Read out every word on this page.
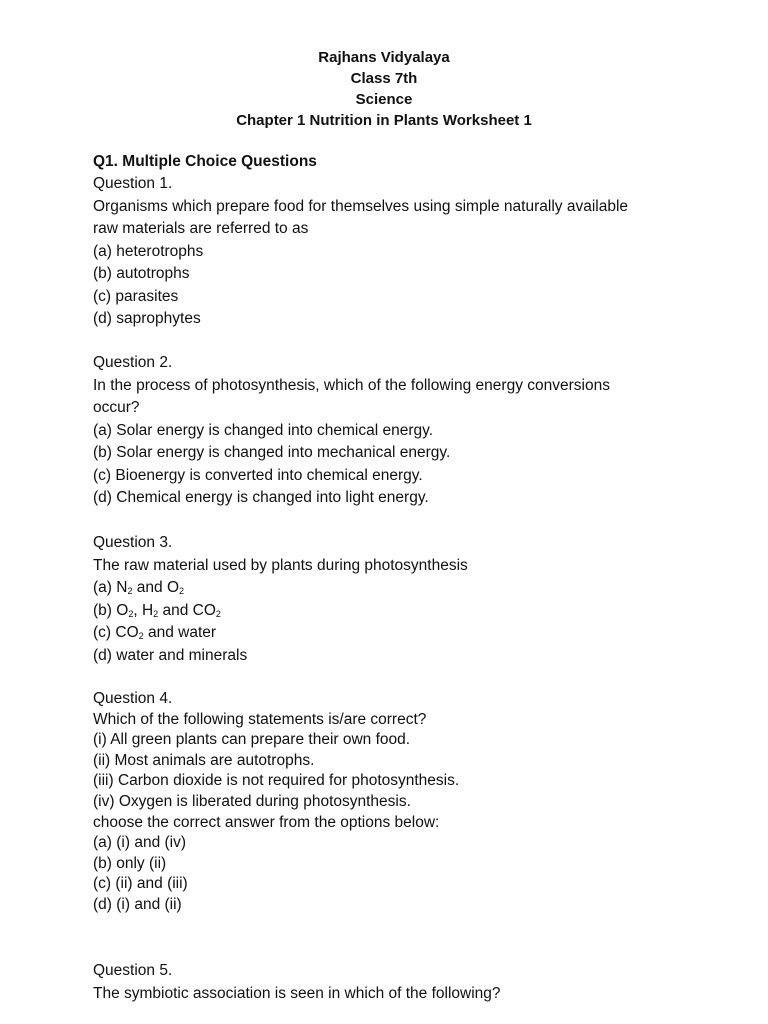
Rajhans Vidyalaya
Class 7th
Science
Chapter 1 Nutrition in Plants Worksheet 1
Q1. Multiple Choice Questions
Question 1.
Organisms which prepare food for themselves using simple naturally available
raw materials are referred to as
(a) heterotrophs
(b) autotrophs
(c) parasites
(d) saprophytes
Question 2.
In the process of photosynthesis, which of the following energy conversions
occur?
(a) Solar energy is changed into chemical energy.
(b) Solar energy is changed into mechanical energy.
(c) Bioenergy is converted into chemical energy.
(d) Chemical energy is changed into light energy.
Question 3.
The raw material used by plants during photosynthesis
(a) $N_2$ and $O_2$
(b) $O_2$, $H_2$ and $CO_2$
(c) $CO_2$ and water
(d) water and minerals
Question 4.
Which of the following statements is/are correct?
(i) All green plants can prepare their own food.
(ii) Most animals are autotrophs.
(iii) Carbon dioxide is not required for photosynthesis.
(iv) Oxygen is liberated during photosynthesis.
choose the correct answer from the options below:
(a) (i) and (iv)
(b) only (ii)
(c) (ii) and (iii)
(d) (i) and (ii)
Question 5.
The symbiotic association is seen in which of the following?
